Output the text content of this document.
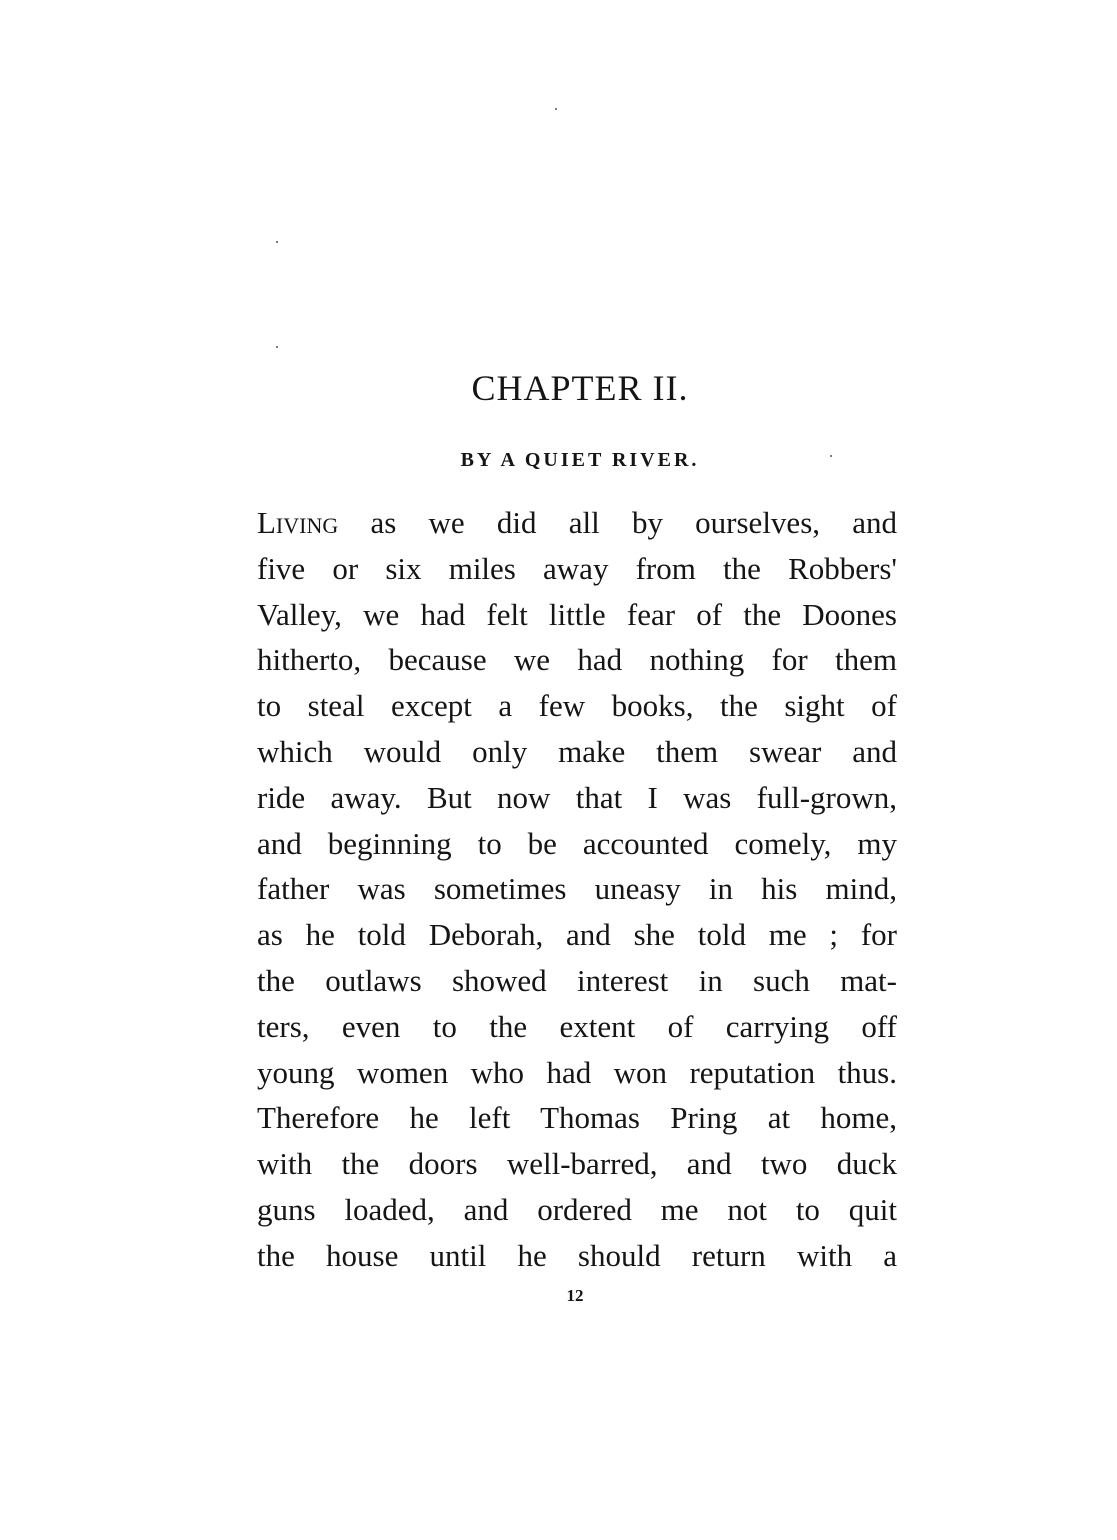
CHAPTER II.
BY A QUIET RIVER.
Living as we did all by ourselves, and
five or six miles away from the Robbers'
Valley, we had felt little fear of the Doones
hitherto, because we had nothing for them
to steal except a few books, the sight of
which would only make them swear and
ride away. But now that I was full-grown,
and beginning to be accounted comely, my
father was sometimes uneasy in his mind,
as he told Deborah, and she told me ; for
the outlaws showed interest in such mat-
ters, even to the extent of carrying off
young women who had won reputation thus.
Therefore he left Thomas Pring at home,
with the doors well-barred, and two duck
guns loaded, and ordered me not to quit
the house until he should return with a
12
